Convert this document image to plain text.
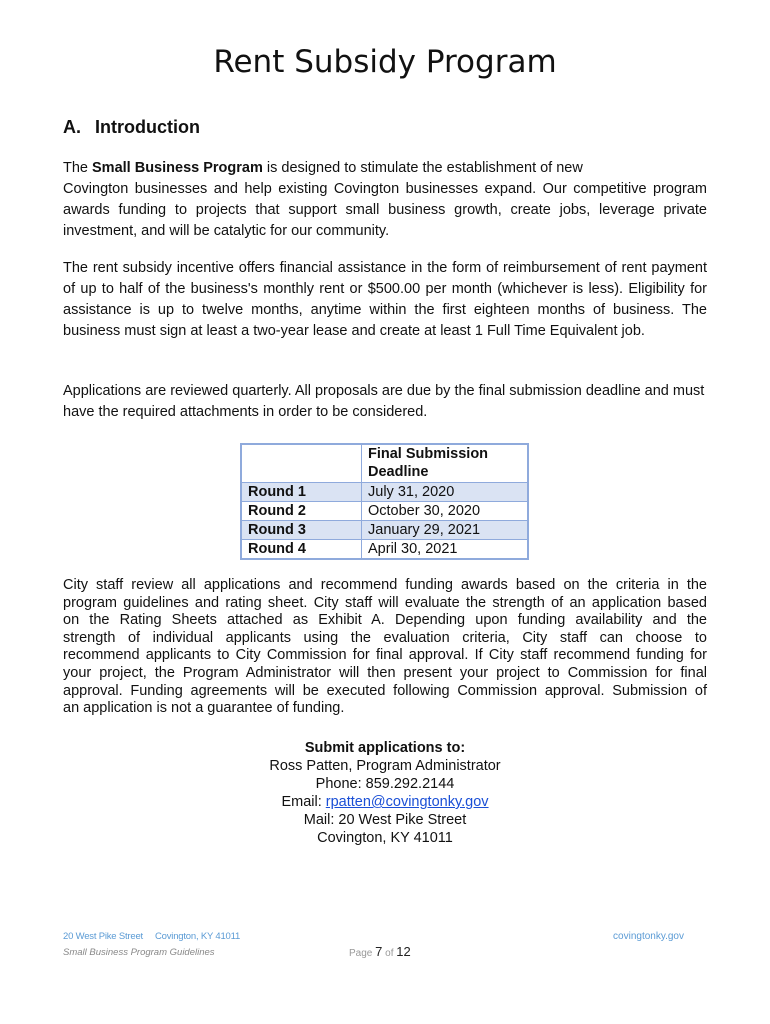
Rent Subsidy Program
A. Introduction
The Small Business Program is designed to stimulate the establishment of new
Covington businesses and help existing Covington businesses expand. Our competitive program
awards funding to projects that support small business growth, create jobs, leverage private
investment, and will be catalytic for our community.

The rent subsidy incentive offers financial assistance in the form of reimbursement of rent payment of up to half of the business's monthly rent or $500.00 per month (whichever is less). Eligibility for assistance is up to twelve months, anytime within the first eighteen months of business. The business must sign at least a two-year lease and create at least 1 Full Time Equivalent job.

Applications are reviewed quarterly. All proposals are due by the final submission deadline and must have the required attachments in order to be considered.

	Final Submission Deadline
Round 1	July 31, 2020
Round 2	October 30, 2020
Round 3	January 29, 2021
Round 4	April 30, 2021
City staff review all applications and recommend funding awards based on the criteria in the
program guidelines and rating sheet. City staff will evaluate the strength of an application based
on the Rating Sheets attached as Exhibit A. Depending upon funding availability and the
strength of individual applicants using the evaluation criteria, City staff can choose to
recommend applicants to City Commission for final approval. If City staff recommend funding for
your project, the Program Administrator will then present your project to Commission for final
approval. Funding agreements will be executed following Commission approval. Submission of
an application is not a guarantee of funding.
Submit applications to:
Ross Patten, Program Administrator
Phone: 859.292.2144
Email: rpatten@covingtonky.gov
Mail: 20 West Pike Street
Covington, KY 41011
20 West Pike Street Covington, KY 41011
Small Business Program Guidelines	Page 7 of 12
covingtonky.gov
